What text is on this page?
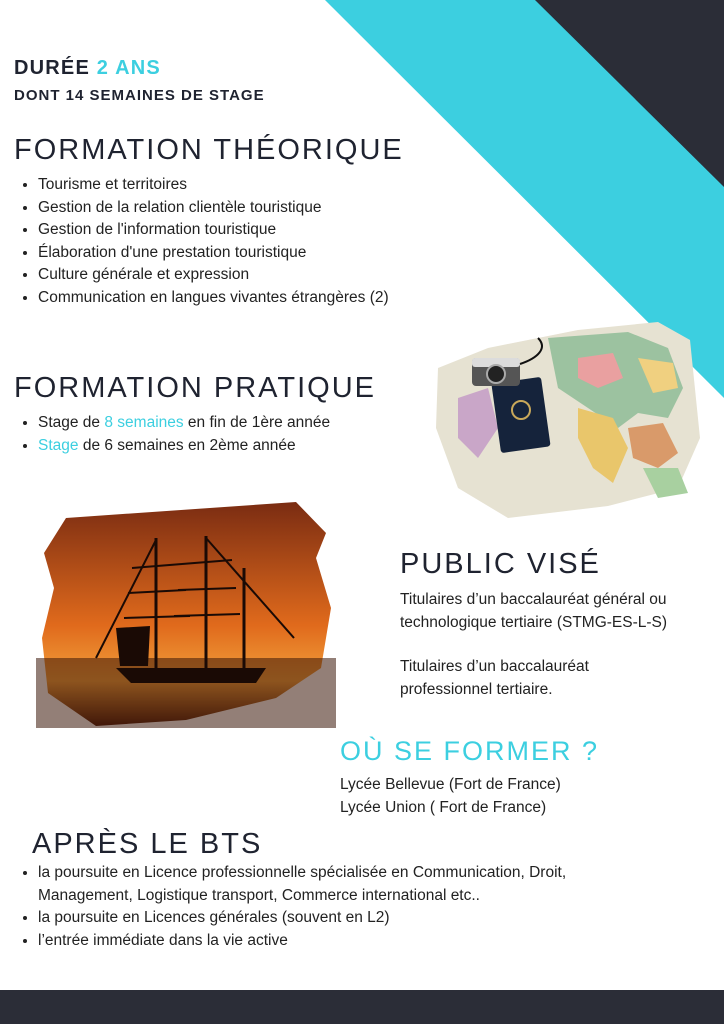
DURÉE 2 ANS
DONT 14 SEMAINES DE STAGE
FORMATION THÉORIQUE
• Tourisme et territoires
• Gestion de la relation clientèle touristique
• Gestion de l'information touristique
• Élaboration d'une prestation touristique
• Culture générale et expression
• Communication en langues vivantes étrangères (2)
FORMATION PRATIQUE
• Stage de 8 semaines en fin de 1ère année
• Stage de 6 semaines en 2ème année
PUBLIC VISÉ
Titulaires d’un baccalauréat général ou
technologique tertiaire (STMG-ES-L-S)
Titulaires d’un baccalauréat
professionnel tertiaire.
OÙ SE FORMER ?
Lycée Bellevue (Fort de France)
Lycée Union ( Fort de France)
APRÈS LE BTS
• la poursuite en Licence professionnelle spécialisée en Communication, Droit,
Management, Logistique transport, Commerce international etc..
• la poursuite en Licences générales (souvent en L2)
• l’entrée immédiate dans la vie active
